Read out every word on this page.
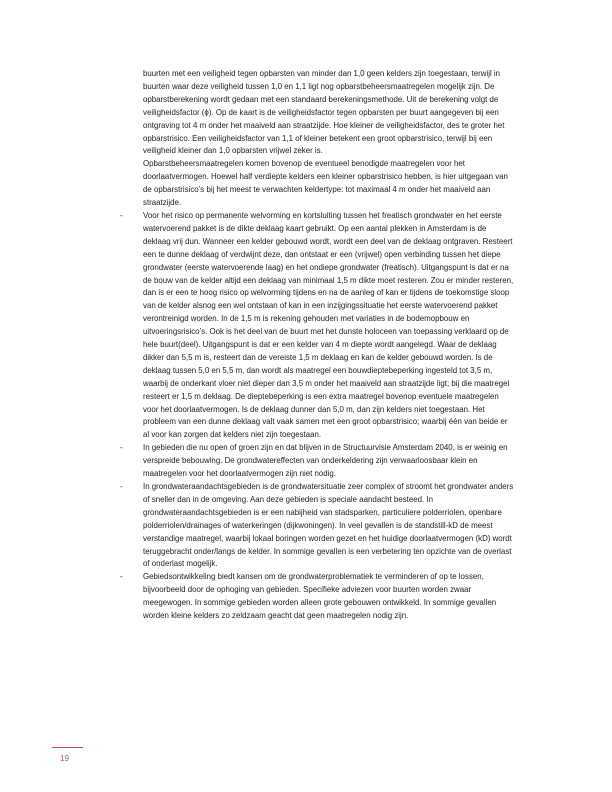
buurten met een veiligheid tegen opbarsten van minder dan 1,0 geen kelders zijn toegestaan, terwijl in buurten waar deze veiligheid tussen 1,0 en 1,1 ligt nog opbarstbeheersmaatregelen mogelijk zijn. De opbarstberekening wordt gedaan met een standaard berekeningsmethode. Uit de berekening volgt de veiligheidsfactor (ϕ). Op de kaart is de veiligheidsfactor tegen opbarsten per buurt aangegeven bij een ontgraving tot 4 m onder het maaiveld aan straatzijde. Hoe kleiner de veiligheidsfactor, des te groter het opbarstrisico. Een veiligheidsfactor van 1,1 of kleiner betekent een groot opbarstrisico, terwijl bij een veiligheid kleiner dan 1,0 opbarsten vrijwel zeker is.

Opbarstbeheersmaatregelen komen bovenop de eventueel benodigde maatregelen voor het doorlaatvermogen. Hoewel half verdiepte kelders een kleiner opbarstrisico hebben, is hier uitgegaan van de opbarstrisico’s bij het meest te verwachten keldertype: tot maximaal 4 m onder het maaiveld aan straatzijde.

-	Voor het risico op permanente welvorming en kortsluiting tussen het freatisch grondwater en het eerste watervoerend pakket is de dikte deklaag kaart gebruikt. Op een aantal plekken in Amsterdam is de deklaag vrij dun. Wanneer een kelder gebouwd wordt, wordt een deel van de deklaag ontgraven. Resteert een te dunne deklaag of verdwijnt deze, dan ontstaat er een (vrijwel) open verbinding tussen het diepe grondwater (eerste watervoerende laag) en het ondiepe grondwater (freatisch). Uitgangspunt is dat er na de bouw van de kelder altijd een deklaag van minimaal 1,5 m dikte moet resteren. Zou er minder resteren, dan is er een te hoog risico op welvorming tijdens en na de aanleg of kan er tijdens de toekomstige sloop van de kelder alsnog een wel ontstaan of kan in een inzijgingssituatie het eerste watervoerend pakket verontreinigd worden. In de 1,5 m is rekening gehouden met variaties in de bodemopbouw en uitvoeringsrisico’s. Ook is het deel van de buurt met het dunste holoceen van toepassing verklaard op de hele buurt(deel). Uitgangspunt is dat er een kelder van 4 m diepte wordt aangelegd. Waar de deklaag dikker dan 5,5 m is, resteert dan de vereiste 1,5 m deklaag en kan de kelder gebouwd worden. Is de deklaag tussen 5,0 en 5,5 m, dan wordt als maatregel een bouwdieptebeperking ingesteld tot 3,5 m, waarbij de onderkant vloer niet dieper dan 3,5 m onder het maaiveld aan straatzijde ligt; bij die maatregel resteert er 1,5 m deklaag. De dieptebeperking is een extra maatregel bovenop eventuele maatregelen voor het doorlaatvermogen. Is de deklaag dunner dan 5,0 m, dan zijn kelders niet toegestaan. Het probleem van een dunne deklaag valt vaak samen met een groot opbarstrisico; waarbij één van beide er al voor kan zorgen dat kelders niet zijn toegestaan.
-	In gebieden die nu open of groen zijn en dat blijven in de Structuurvisie Amsterdam 2040, is er weinig en verspreide bebouwing. De grondwatereffecten van onderkeldering zijn verwaarloosbaar klein en maatregelen voor het doorlaatvermogen zijn niet nodig.
-	In grondwateraandachtsgebieden is de grondwatersituatie zeer complex of stroomt het grondwater anders of sneller dan in de omgeving. Aan deze gebieden is speciale aandacht besteed. In grondwateraandachtsgebieden is er een nabijheid van stadsparken, particuliere polderriolen, openbare polderriolen/drainages of waterkeringen (dijkwoningen). In veel gevallen is de standstill-kD de meest verstandige maatregel, waarbij lokaal boringen worden gezet en het huidige doorlaatvermogen (kD) wordt teruggebracht onder/langs de kelder. In sommige gevallen is een verbetering ten opzichte van de overlast of onderlast mogelijk.
-	Gebiedsontwikkeling biedt kansen om de grondwaterproblematiek te verminderen of op te lossen, bijvoorbeeld door de ophoging van gebieden. Specifieke adviezen voor buurten worden zwaar meegewogen. In sommige gebieden worden alleen grote gebouwen ontwikkeld. In sommige gevallen worden kleine kelders zo zeldzaam geacht dat geen maatregelen nodig zijn.
19
